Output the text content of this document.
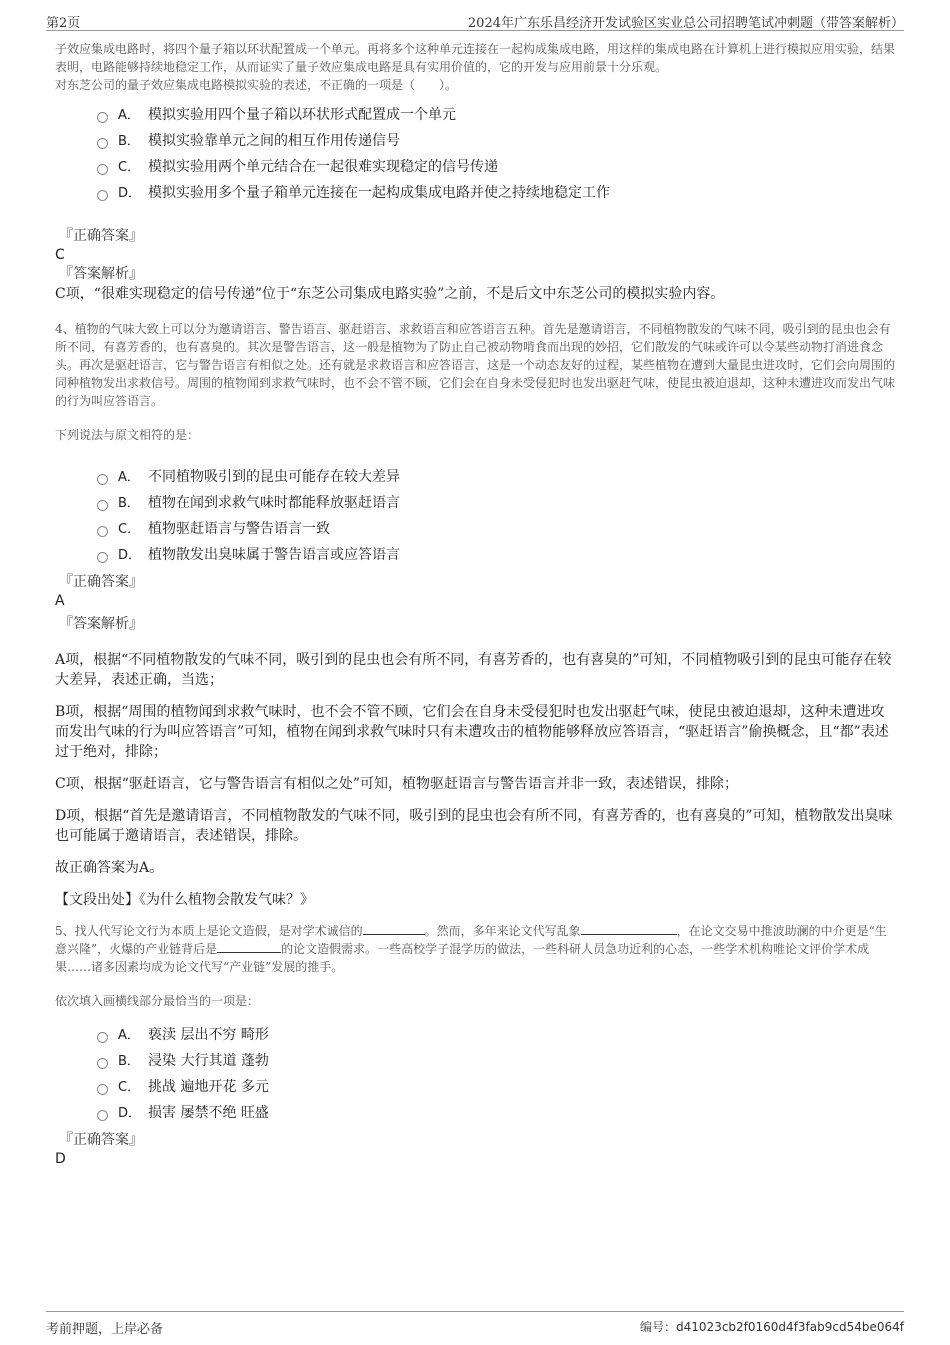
第2页	2024年广东乐昌经济开发试验区实业总公司招聘笔试冲刺题（带答案解析）
子效应集成电路时，将四个量子箱以环状配置成一个单元。再将多个这种单元连接在一起构成集成电路，用这样的集成电路在计算机上进行模拟应用实验，结果表明，电路能够持续地稳定工作，从而证实了量子效应集成电路是具有实用价值的，它的开发与应用前景十分乐观。
对东芝公司的量子效应集成电路模拟实验的表述，不正确的一项是（　　）。
A． 模拟实验用四个量子箱以环状形式配置成一个单元
B． 模拟实验靠单元之间的相互作用传递信号
C． 模拟实验用两个单元结合在一起很难实现稳定的信号传递
D． 模拟实验用多个量子箱单元连接在一起构成集成电路并使之持续地稳定工作
『正确答案』
C
『答案解析』
C项，“很难实现稳定的信号传递”位于“东芝公司集成电路实验”之前，不是后文中东芝公司的模拟实验内容。
4、植物的气味大致上可以分为邀请语言、警告语言、驱赶语言、求救语言和应答语言五种。首先是邀请语言，不同植物散发的气味不同，吸引到的昆虫也会有所不同，有喜芳香的，也有喜臭的。其次是警告语言，这一般是植物为了防止自己被动物啃食而出现的妙招，它们散发的气味或许可以令某些动物打消进食念头。再次是驱赶语言，它与警告语言有相似之处。还有就是求救语言和应答语言，这是一个动态友好的过程，某些植物在遭到大量昆虫进攻时，它们会向周围的同种植物发出求救信号。周围的植物闻到求救气味时，也不会不管不顾，它们会在自身未受侵犯时也发出驱赶气味，使昆虫被迫退却，这种未遭进攻而发出气味的行为叫应答语言。
下列说法与原文相符的是：
A． 不同植物吸引到的昆虫可能存在较大差异
B． 植物在闻到求救气味时都能释放驱赶语言
C． 植物驱赶语言与警告语言一致
D． 植物散发出臭味属于警告语言或应答语言
『正确答案』
A
『答案解析』
A项，根据“不同植物散发的气味不同，吸引到的昆虫也会有所不同，有喜芳香的，也有喜臭的”可知，不同植物吸引到的昆虫可能存在较大差异，表述正确，当选；
B项，根据“周围的植物闻到求救气味时，也不会不管不顾，它们会在自身未受侵犯时也发出驱赶气味，使昆虫被迫退却，这种未遭进攻而发出气味的行为叫应答语言”可知，植物在闻到求救气味时只有未遭攻击的植物能够释放应答语言，“驱赶语言”偷换概念，且“都”表述过于绝对，排除；
C项，根据“驱赶语言，它与警告语言有相似之处”可知，植物驱赶语言与警告语言并非一致，表述错误，排除；
D项，根据“首先是邀请语言，不同植物散发的气味不同，吸引到的昆虫也会有所不同，有喜芳香的，也有喜臭的”可知，植物散发出臭味也可能属于邀请语言，表述错误，排除。
故正确答案为A。
【文段出处】《为什么植物会散发气味？》
5、找人代写论文行为本质上是论文造假，是对学术诚信的	。然而，多年来论文代写乱象	，在论文交易中推波助澜的中介更是“生意兴隆”，火爆的产业链背后是	的论文造假需求。一些高校学子混学历的做法，一些科研人员急功近利的心态，一些学术机构唯论文评价学术成果……诸多因素均成为论文代写“产业链”发展的推手。
依次填入画横线部分最恰当的一项是：
A． 亵渎 层出不穷 畸形
B． 浸染 大行其道 蓬勃
C． 挑战 遍地开花 多元
D． 损害 屡禁不绝 旺盛
『正确答案』
D
考前押题，上岸必备	编号：d41023cb2f0160d4f3fab9cd54be064f
